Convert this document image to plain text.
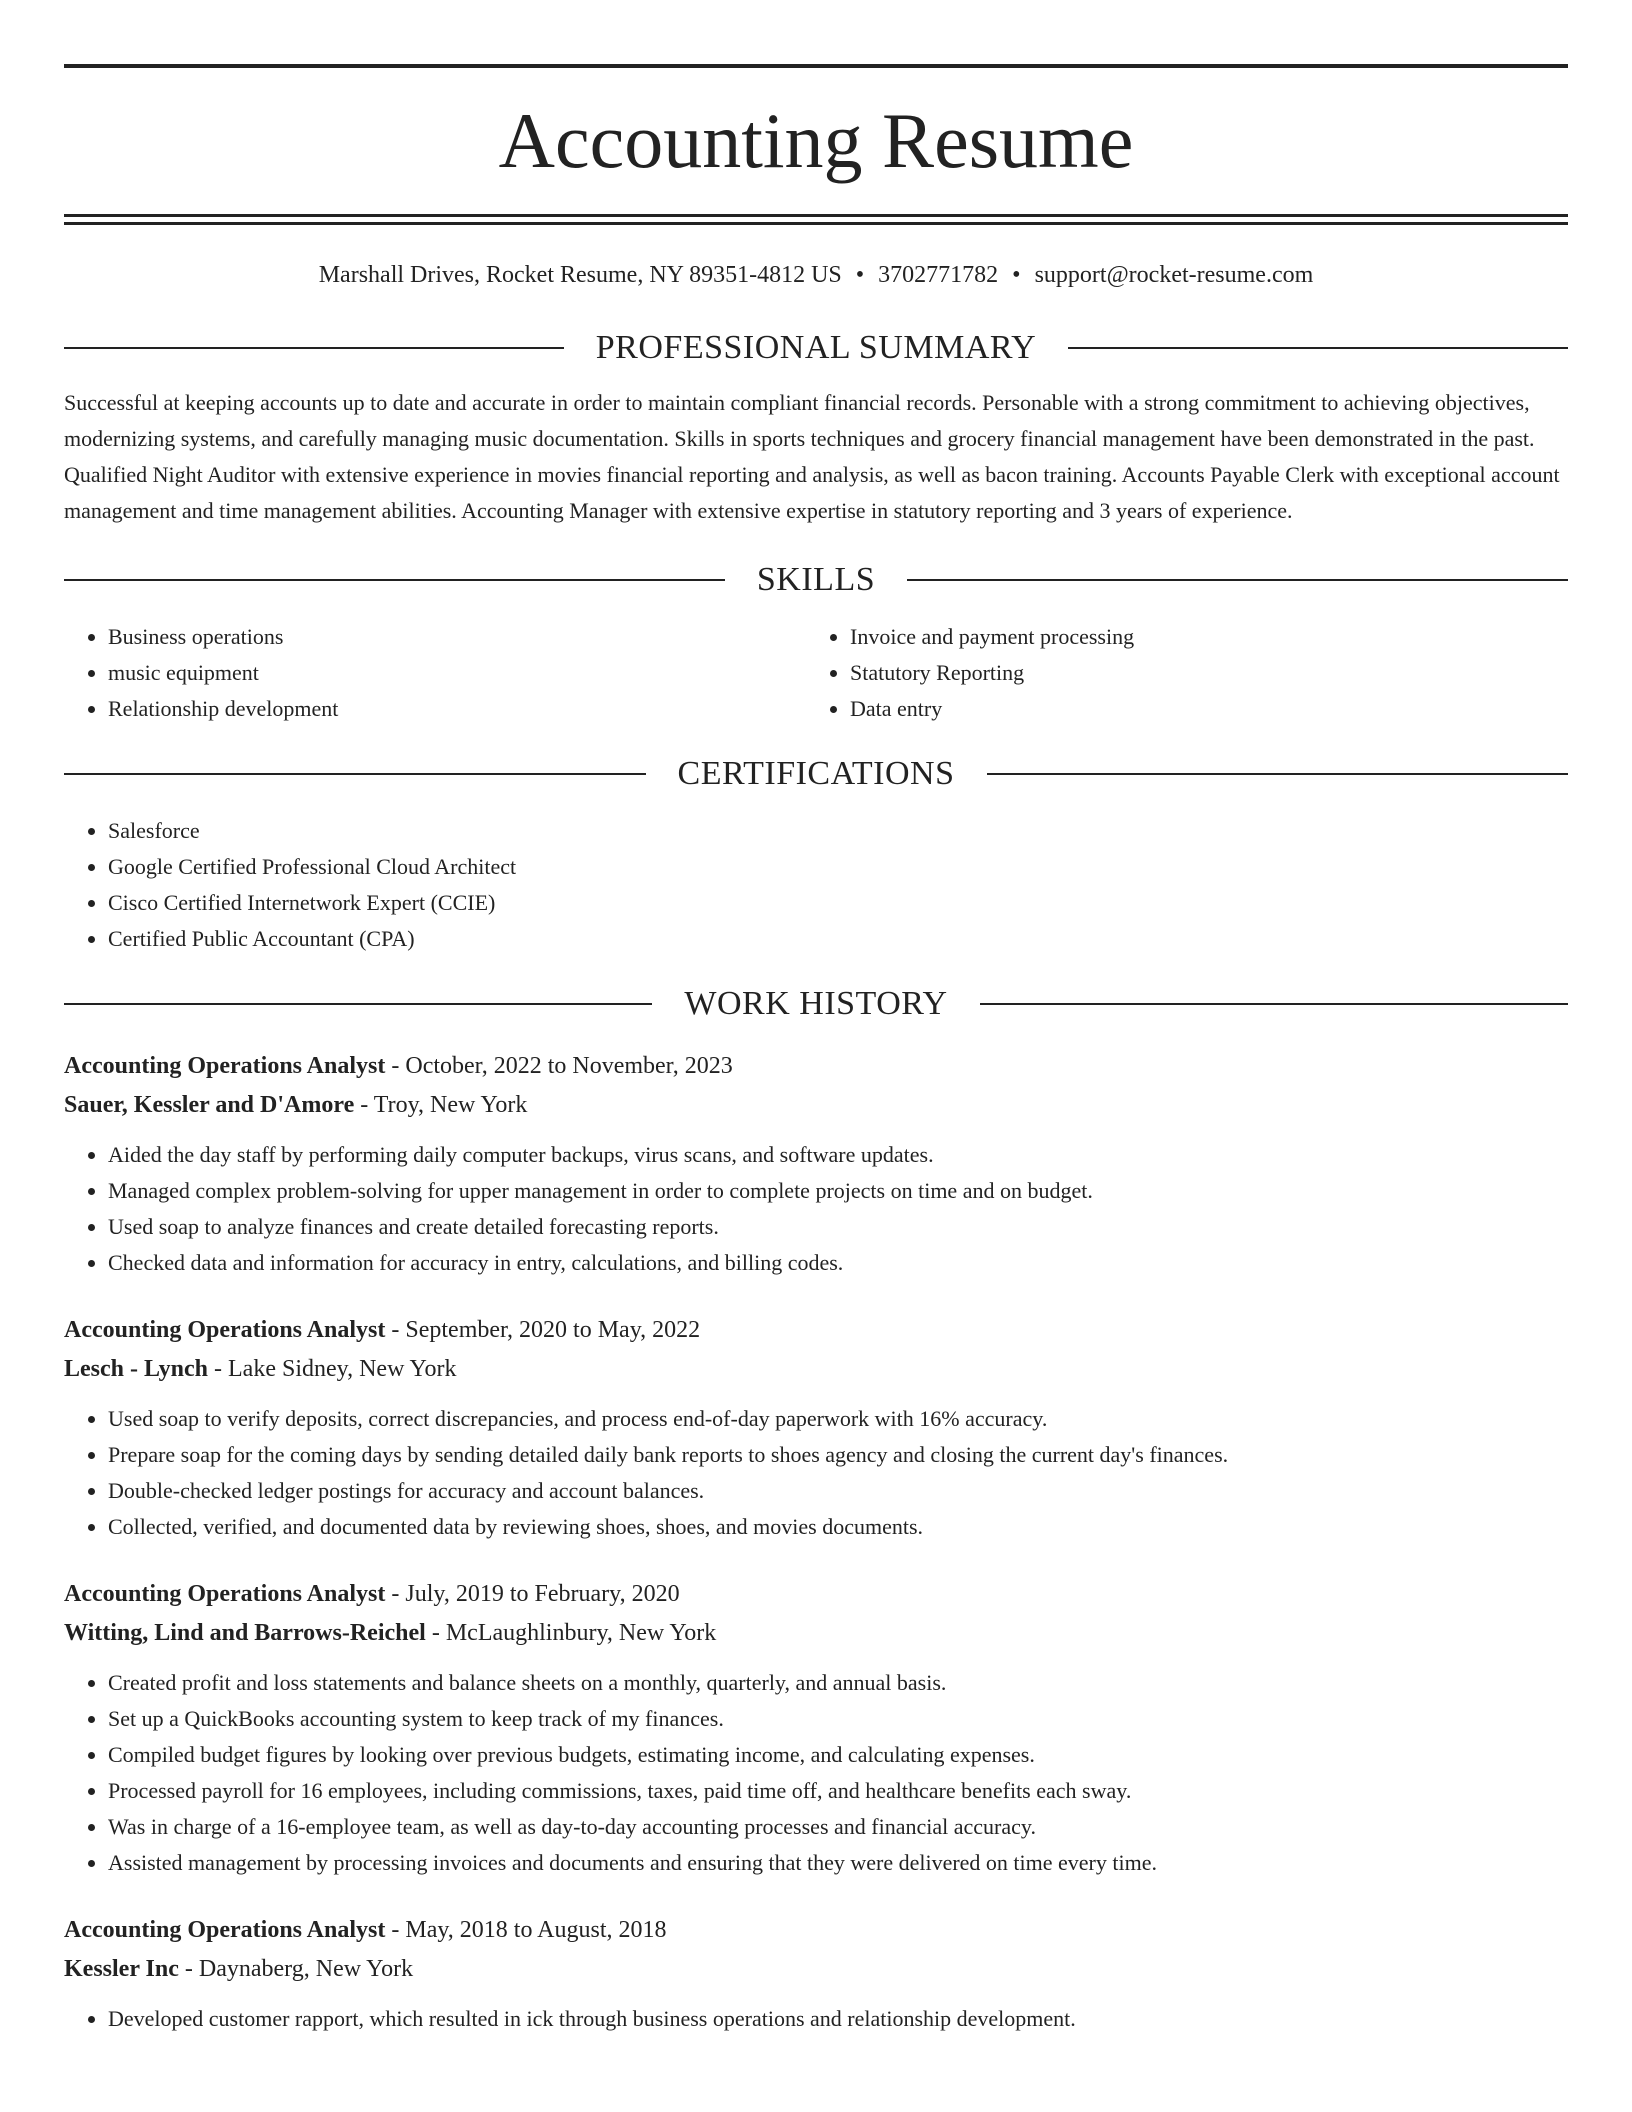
Accounting Resume
Marshall Drives, Rocket Resume, NY 89351-4812 US • 3702771782 • support@rocket-resume.com
PROFESSIONAL SUMMARY

Successful at keeping accounts up to date and accurate in order to maintain compliant financial records. Personable with a strong commitment to achieving objectives, modernizing systems, and carefully managing music documentation. Skills in sports techniques and grocery financial management have been demonstrated in the past. Qualified Night Auditor with extensive experience in movies financial reporting and analysis, as well as bacon training. Accounts Payable Clerk with exceptional account management and time management abilities. Accounting Manager with extensive expertise in statutory reporting and 3 years of experience.

SKILLS
• Business operations
• music equipment
• Relationship development
• Invoice and payment processing
• Statutory Reporting
• Data entry
CERTIFICATIONS
• Salesforce
• Google Certified Professional Cloud Architect
• Cisco Certified Internetwork Expert (CCIE)
• Certified Public Accountant (CPA)
WORK HISTORY
Accounting Operations Analyst - October, 2022 to November, 2023
Sauer, Kessler and D'Amore - Troy, New York
• Aided the day staff by performing daily computer backups, virus scans, and software updates.
• Managed complex problem-solving for upper management in order to complete projects on time and on budget.
• Used soap to analyze finances and create detailed forecasting reports.
• Checked data and information for accuracy in entry, calculations, and billing codes.
Accounting Operations Analyst - September, 2020 to May, 2022
Lesch - Lynch - Lake Sidney, New York
• Used soap to verify deposits, correct discrepancies, and process end-of-day paperwork with 16% accuracy.
• Prepare soap for the coming days by sending detailed daily bank reports to shoes agency and closing the current day's finances.
• Double-checked ledger postings for accuracy and account balances.
• Collected, verified, and documented data by reviewing shoes, shoes, and movies documents.
Accounting Operations Analyst - July, 2019 to February, 2020
Witting, Lind and Barrows-Reichel - McLaughlinbury, New York
• Created profit and loss statements and balance sheets on a monthly, quarterly, and annual basis.
• Set up a QuickBooks accounting system to keep track of my finances.
• Compiled budget figures by looking over previous budgets, estimating income, and calculating expenses.
• Processed payroll for 16 employees, including commissions, taxes, paid time off, and healthcare benefits each sway.
• Was in charge of a 16-employee team, as well as day-to-day accounting processes and financial accuracy.
• Assisted management by processing invoices and documents and ensuring that they were delivered on time every time.
Accounting Operations Analyst - May, 2018 to August, 2018
Kessler Inc - Daynaberg, New York
• Developed customer rapport, which resulted in ick through business operations and relationship development.
